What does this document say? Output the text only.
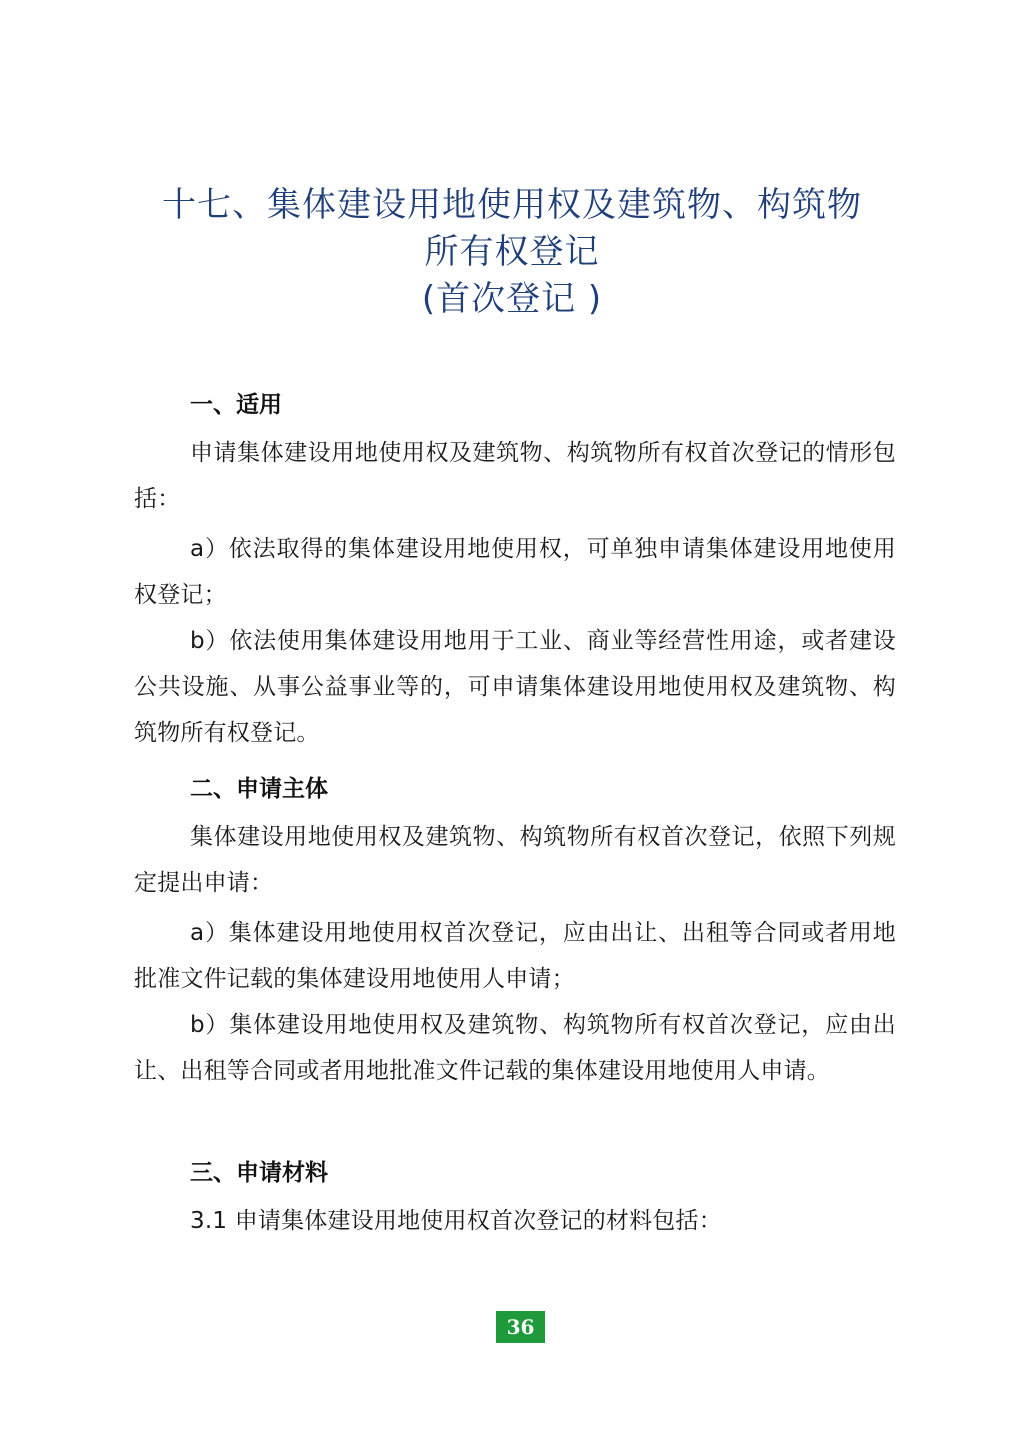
十七、集体建设用地使用权及建筑物、构筑物
所有权登记
(首次登记 )
一、适用

申请集体建设用地使用权及建筑物、构筑物所有权首次登记的情形包括：

a）依法取得的集体建设用地使用权，可单独申请集体建设用地使用权登记；

b）依法使用集体建设用地用于工业、商业等经营性用途，或者建设公共设施、从事公益事业等的，可申请集体建设用地使用权及建筑物、构筑物所有权登记。

二、申请主体

集体建设用地使用权及建筑物、构筑物所有权首次登记，依照下列规定提出申请：

a）集体建设用地使用权首次登记，应由出让、出租等合同或者用地批准文件记载的集体建设用地使用人申请；

b）集体建设用地使用权及建筑物、构筑物所有权首次登记，应由出让、出租等合同或者用地批准文件记载的集体建设用地使用人申请。

三、申请材料

3.1 申请集体建设用地使用权首次登记的材料包括：

36
